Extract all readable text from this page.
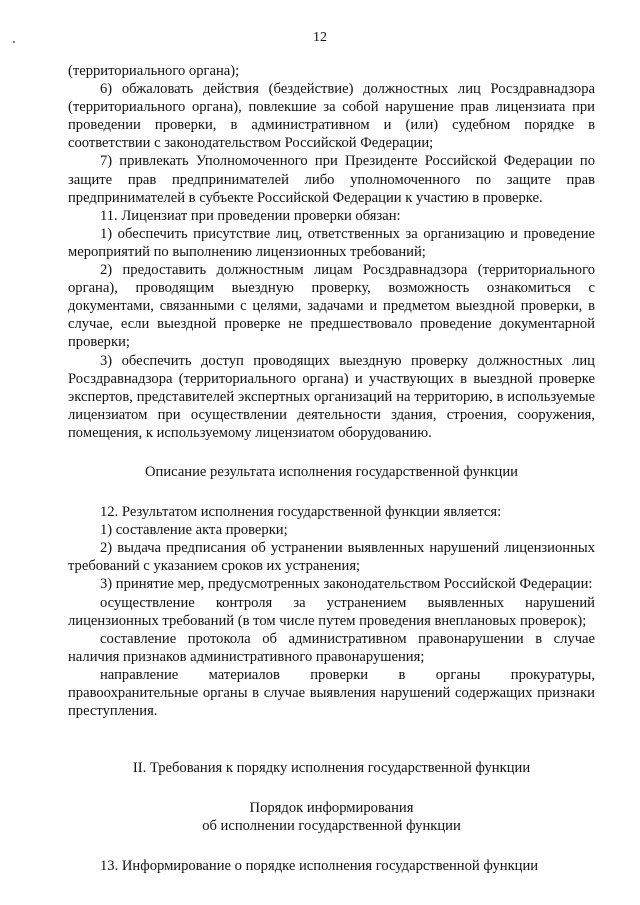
12

(территориального органа);

6) обжаловать действия (бездействие) должностных лиц Росздравнадзора (территориального органа), повлекшие за собой нарушение прав лицензиата при проведении проверки, в административном и (или) судебном порядке в соответствии с законодательством Российской Федерации;

7) привлекать Уполномоченного при Президенте Российской Федерации по защите прав предпринимателей либо уполномоченного по защите прав предпринимателей в субъекте Российской Федерации к участию в проверке.

11. Лицензиат при проведении проверки обязан:

1) обеспечить присутствие лиц, ответственных за организацию и проведение мероприятий по выполнению лицензионных требований;

2) предоставить должностным лицам Росздравнадзора (территориального органа), проводящим выездную проверку, возможность ознакомиться с документами, связанными с целями, задачами и предметом выездной проверки, в случае, если выездной проверке не предшествовало проведение документарной проверки;

3) обеспечить доступ проводящих выездную проверку должностных лиц Росздравнадзора (территориального органа) и участвующих в выездной проверке экспертов, представителей экспертных организаций на территорию, в используемые лицензиатом при осуществлении деятельности здания, строения, сооружения, помещения, к используемому лицензиатом оборудованию.

Описание результата исполнения государственной функции

12. Результатом исполнения государственной функции является:

1) составление акта проверки;

2) выдача предписания об устранении выявленных нарушений лицензионных требований с указанием сроков их устранения;

3) принятие мер, предусмотренных законодательством Российской Федерации:

осуществление контроля за устранением выявленных нарушений лицензионных требований (в том числе путем проведения внеплановых проверок);

составление протокола об административном правонарушении в случае наличия признаков административного правонарушения;

направление материалов проверки в органы прокуратуры, правоохранительные органы в случае выявления нарушений содержащих признаки преступления.

II. Требования к порядку исполнения государственной функции

Порядок информирования

об исполнении государственной функции

13. Информирование о порядке исполнения государственной функции
